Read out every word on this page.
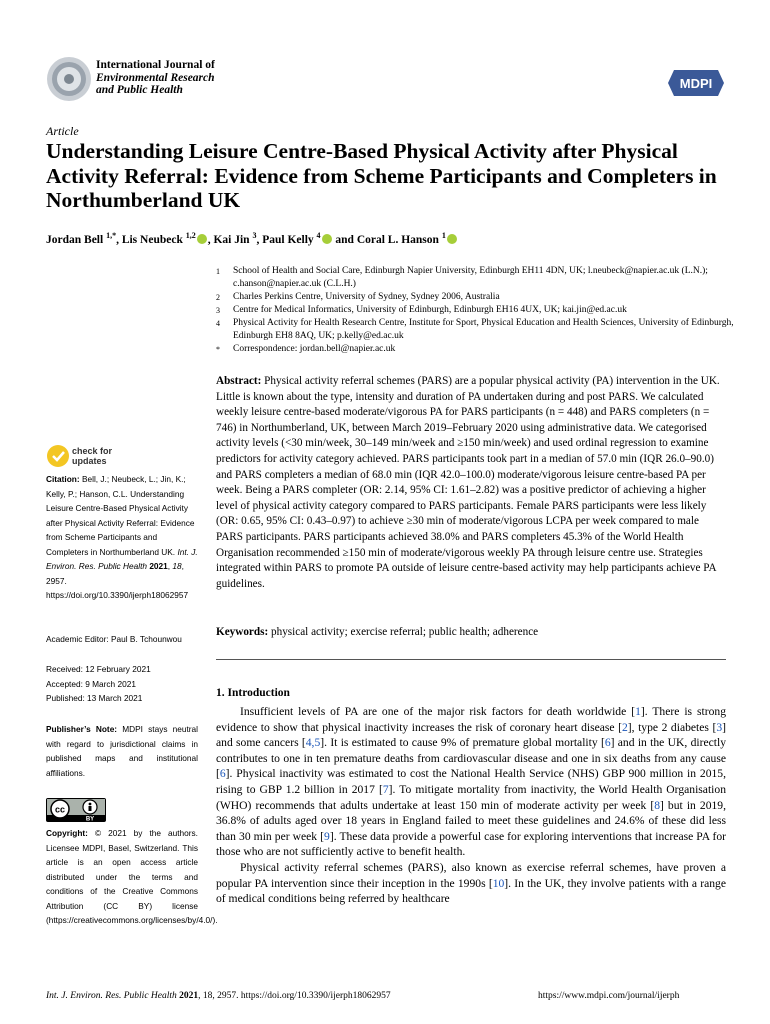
International Journal of
Environmental Research
and Public Health	MDPI
Article
Understanding Leisure Centre-Based Physical Activity after Physical Activity Referral: Evidence from Scheme Participants and Completers in Northumberland UK
Jordan Bell $^{1,*}$, Lis Neubeck $^{1,2}$ , Kai Jin $^3$, Paul Kelly $^4$ and Coral L. Hanson $^1$
1	School of Health and Social Care, Edinburgh Napier University, Edinburgh EH11 4DN, UK; l.neubeck@napier.ac.uk (L.N.); c.hanson@napier.ac.uk (C.L.H.)
2	Charles Perkins Centre, University of Sydney, Sydney 2006, Australia
3	Centre for Medical Informatics, University of Edinburgh, Edinburgh EH16 4UX, UK; kai.jin@ed.ac.uk
4	Physical Activity for Health Research Centre, Institute for Sport, Physical Education and Health Sciences, University of Edinburgh, Edinburgh EH8 8AQ, UK; p.kelly@ed.ac.uk
*	Correspondence: jordan.bell@napier.ac.uk
check for
updates
Citation: Bell, J.; Neubeck, L.; Jin, K.; Kelly, P.; Hanson, C.L. Understanding Leisure Centre-Based Physical Activity after Physical Activity Referral: Evidence from Scheme Participants and Completers in Northumberland UK. Int. J. Environ. Res. Public Health 2021, 18, 2957. https://doi.org/10.3390/ijerph18062957
Academic Editor: Paul B. Tchounwou
Received: 12 February 2021
Accepted: 9 March 2021
Published: 13 March 2021
Publisher’s Note: MDPI stays neutral with regard to jurisdictional claims in published maps and institutional affiliations.
cc
BY
Copyright: © 2021 by the authors. Licensee MDPI, Basel, Switzerland. This article is an open access article distributed under the terms and conditions of the Creative Commons Attribution (CC BY) license (https://creativecommons.org/licenses/by/4.0/).
Abstract: Physical activity referral schemes (PARS) are a popular physical activity (PA) intervention in the UK. Little is known about the type, intensity and duration of PA undertaken during and post PARS. We calculated weekly leisure centre-based moderate/vigorous PA for PARS participants (n = 448) and PARS completers (n = 746) in Northumberland, UK, between March 2019–February 2020 using administrative data. We categorised activity levels (<30 min/week, 30–149 min/week and ≥150 min/week) and used ordinal regression to examine predictors for activity category achieved. PARS participants took part in a median of 57.0 min (IQR 26.0–90.0) and PARS completers a median of 68.0 min (IQR 42.0–100.0) moderate/vigorous leisure centre-based PA per week. Being a PARS completer (OR: 2.14, 95% CI: 1.61–2.82) was a positive predictor of achieving a higher level of physical activity category compared to PARS participants. Female PARS participants were less likely (OR: 0.65, 95% CI: 0.43–0.97) to achieve ≥30 min of moderate/vigorous LCPA per week compared to male PARS participants. PARS participants achieved 38.0% and PARS completers 45.3% of the World Health Organisation recommended ≥150 min of moderate/vigorous weekly PA through leisure centre use. Strategies integrated within PARS to promote PA outside of leisure centre-based activity may help participants achieve PA guidelines.
Keywords: physical activity; exercise referral; public health; adherence
1. Introduction

Insufficient levels of PA are one of the major risk factors for death worldwide [1]. There is strong evidence to show that physical inactivity increases the risk of coronary heart disease [2], type 2 diabetes [3] and some cancers [4,5]. It is estimated to cause 9% of premature global mortality [6] and in the UK, directly contributes to one in ten premature deaths from cardiovascular disease and one in six deaths from any cause [6]. Physical inactivity was estimated to cost the National Health Service (NHS) GBP 900 million in 2015, rising to GBP 1.2 billion in 2017 [7]. To mitigate mortality from inactivity, the World Health Organisation (WHO) recommends that adults undertake at least 150 min of moderate activity per week [8] but in 2019, 36.8% of adults aged over 18 years in England failed to meet these guidelines and 24.6% of these did less than 30 min per week [9]. These data provide a powerful case for exploring interventions that increase PA for those who are not sufficiently active to benefit health.

Physical activity referral schemes (PARS), also known as exercise referral schemes, have proven a popular PA intervention since their inception in the 1990s [10]. In the UK, they involve patients with a range of medical conditions being referred by healthcare

Int. J. Environ. Res. Public Health 2021, 18, 2957. https://doi.org/10.3390/ijerph18062957	https://www.mdpi.com/journal/ijerph
